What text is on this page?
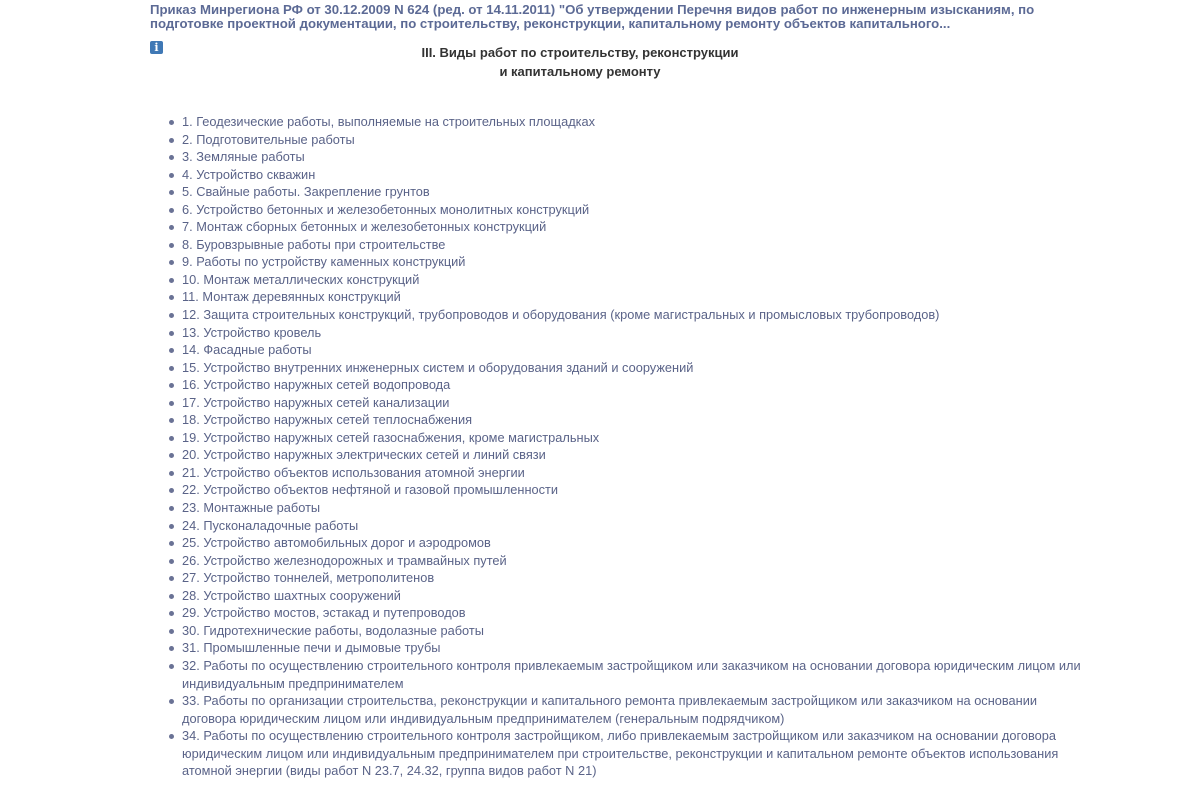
Приказ Минрегиона РФ от 30.12.2009 N 624 (ред. от 14.11.2011) "Об утверждении Перечня видов работ по инженерным изысканиям, по
подготовке проектной документации, по строительству, реконструкции, капитальному ремонту объектов капитального...
i	III. Виды работ по строительству, реконструкции
и капитальному ремонту
1. Геодезические работы, выполняемые на строительных площадках
2. Подготовительные работы
3. Земляные работы
4. Устройство скважин
5. Свайные работы. Закрепление грунтов
6. Устройство бетонных и железобетонных монолитных конструкций
7. Монтаж сборных бетонных и железобетонных конструкций
8. Буровзрывные работы при строительстве
9. Работы по устройству каменных конструкций
10. Монтаж металлических конструкций
11. Монтаж деревянных конструкций
12. Защита строительных конструкций, трубопроводов и оборудования (кроме магистральных и промысловых трубопроводов)
13. Устройство кровель
14. Фасадные работы
15. Устройство внутренних инженерных систем и оборудования зданий и сооружений
16. Устройство наружных сетей водопровода
17. Устройство наружных сетей канализации
18. Устройство наружных сетей теплоснабжения
19. Устройство наружных сетей газоснабжения, кроме магистральных
20. Устройство наружных электрических сетей и линий связи
21. Устройство объектов использования атомной энергии
22. Устройство объектов нефтяной и газовой промышленности
23. Монтажные работы
24. Пусконаладочные работы
25. Устройство автомобильных дорог и аэродромов
26. Устройство железнодорожных и трамвайных путей
27. Устройство тоннелей, метрополитенов
28. Устройство шахтных сооружений
29. Устройство мостов, эстакад и путепроводов
30. Гидротехнические работы, водолазные работы
31. Промышленные печи и дымовые трубы
32. Работы по осуществлению строительного контроля привлекаемым застройщиком или заказчиком на основании договора юридическим лицом или индивидуальным предпринимателем
33. Работы по организации строительства, реконструкции и капитального ремонта привлекаемым застройщиком или заказчиком на основании договора юридическим лицом или индивидуальным предпринимателем (генеральным подрядчиком)
34. Работы по осуществлению строительного контроля застройщиком, либо привлекаемым застройщиком или заказчиком на основании договора юридическим лицом или индивидуальным предпринимателем при строительстве, реконструкции и капитальном ремонте объектов использования атомной энергии (виды работ N 23.7, 24.32, группа видов работ N 21)
